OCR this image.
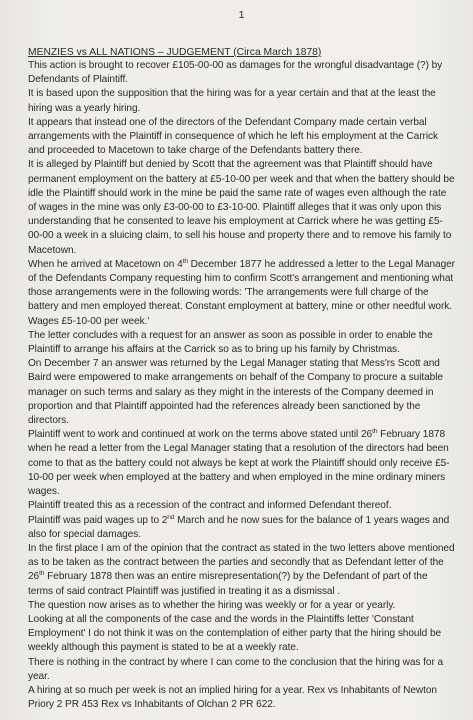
1
MENZIES vs ALL NATIONS – JUDGEMENT (Circa March 1878)

This action is brought to recover £105-00-00 as damages for the wrongful disadvantage (?) by Defendants of Plaintiff.

It is based upon the supposition that the hiring was for a year certain and that at the least the hiring was a yearly hiring.

It appears that instead one of the directors of the Defendant Company made certain verbal arrangements with the Plaintiff in consequence of which he left his employment at the Carrick and proceeded to Macetown to take charge of the Defendants battery there.

It is alleged by Plaintiff but denied by Scott that the agreement was that Plaintiff should have permanent employment on the battery at £5-10-00 per week and that when the battery should be idle the Plaintiff should work in the mine be paid the same rate of wages even although the rate of wages in the mine was only £3-00-00 to £3-10-00. Plaintiff alleges that it was only upon this understanding that he consented to leave his employment at Carrick where he was getting £5-00-00 a week in a sluicing claim, to sell his house and property there and to remove his family to Macetown.

When he arrived at Macetown on 4th December 1877 he addressed a letter to the Legal Manager of the Defendants Company requesting him to confirm Scott's arrangement and mentioning what those arrangements were in the following words: 'The arrangements were full charge of the battery and men employed thereat. Constant employment at battery, mine or other needful work.

Wages £5-10-00 per week.'

The letter concludes with a request for an answer as soon as possible in order to enable the Plaintiff to arrange his affairs at the Carrick so as to bring up his family by Christmas.

On December 7 an answer was returned by the Legal Manager stating that Mess'rs Scott and Baird were empowered to make arrangements on behalf of the Company to procure a suitable manager on such terms and salary as they might in the interests of the Company deemed in proportion and that Plaintiff appointed had the references already been sanctioned by the directors.

Plaintiff went to work and continued at work on the terms above stated until 26th February 1878 when he read a letter from the Legal Manager stating that a resolution of the directors had been come to that as the battery could not always be kept at work the Plaintiff should only receive £5-10-00 per week when employed at the battery and when employed in the mine ordinary miners wages.

Plaintiff treated this as a recession of the contract and informed Defendant thereof.

Plaintiff was paid wages up to 2nd March and he now sues for the balance of 1 years wages and also for special damages.

In the first place I am of the opinion that the contract as stated in the two letters above mentioned as to be taken as the contract between the parties and secondly that as Defendant letter of the 26th February 1878 then was an entire misrepresentation(?) by the Defendant of part of the terms of said contract Plaintiff was justified in treating it as a dismissal .

The question now arises as to whether the hiring was weekly or for a year or yearly.

Looking at all the components of the case and the words in the Plaintiffs letter 'Constant Employment' I do not think it was on the contemplation of either party that the hiring should be weekly although this payment is stated to be at a weekly rate.

There is nothing in the contract by where I can come to the conclusion that the hiring was for a year.

A hiring at so much per week is not an implied hiring for a year. Rex vs Inhabitants of Newton Priory 2 PR 453 Rex vs Inhabitants of Olchan 2 PR 622.
